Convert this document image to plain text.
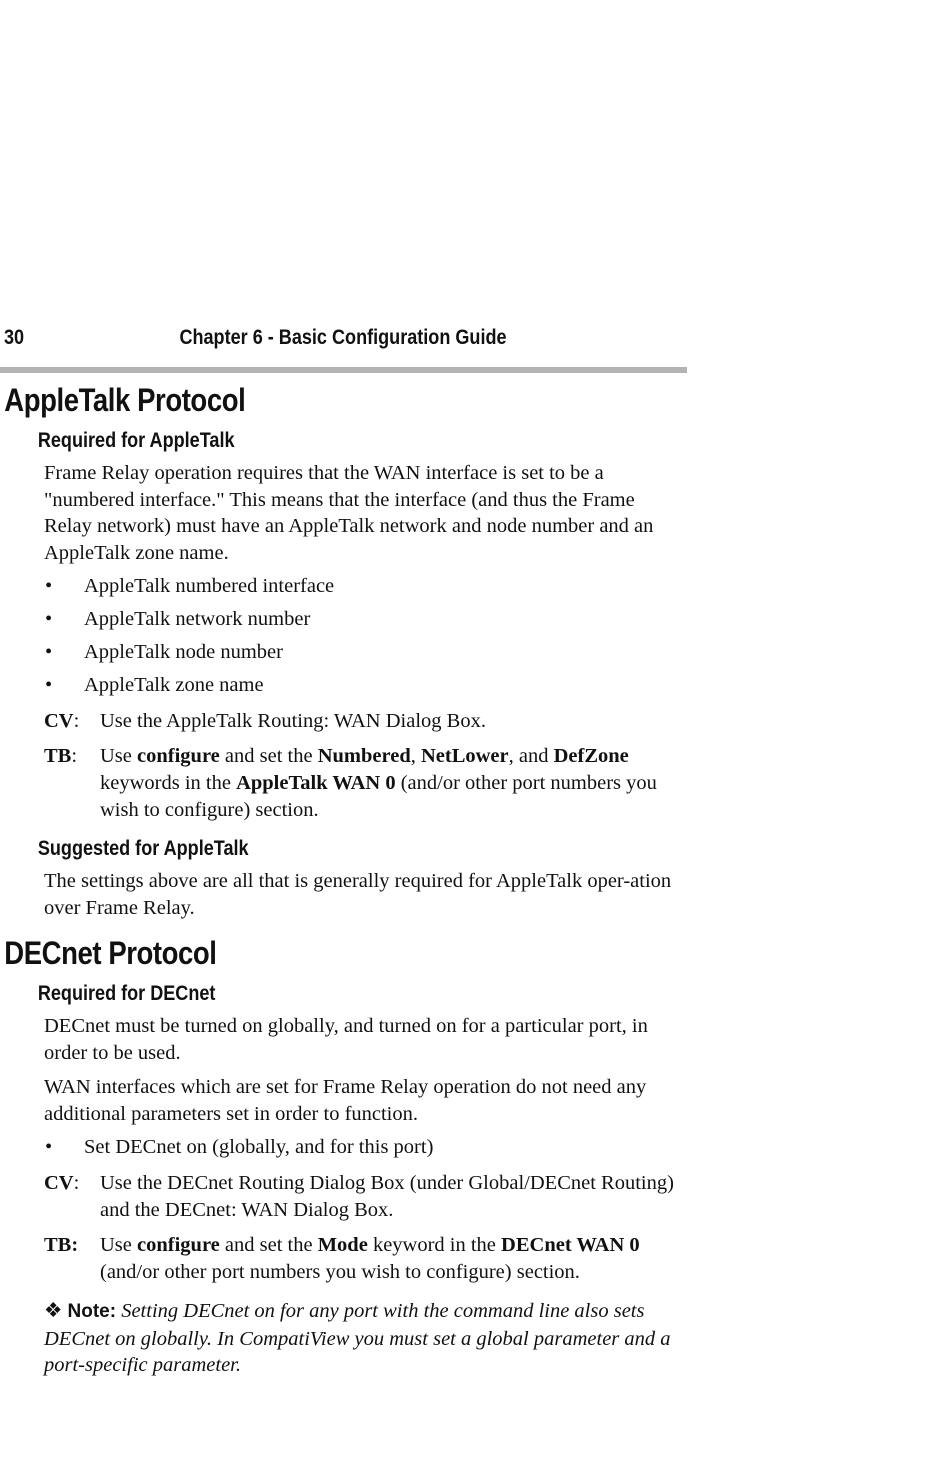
30	Chapter 6 - Basic Configuration Guide
AppleTalk Protocol
Required for AppleTalk

Frame Relay operation requires that the WAN interface is set to be a "numbered interface." This means that the interface (and thus the Frame Relay network) must have an AppleTalk network and node number and an AppleTalk zone name.

• AppleTalk numbered interface
• AppleTalk network number
• AppleTalk node number
• AppleTalk zone name
CV: Use the AppleTalk Routing: WAN Dialog Box.
TB: Use configure and set the Numbered, NetLower, and DefZone keywords in the AppleTalk WAN 0 (and/or other port numbers you wish to configure) section.
Suggested for AppleTalk

The settings above are all that is generally required for AppleTalk oper-ation over Frame Relay.

DECnet Protocol
Required for DECnet

DECnet must be turned on globally, and turned on for a particular port, in order to be used.

WAN interfaces which are set for Frame Relay operation do not need any additional parameters set in order to function.

• Set DECnet on (globally, and for this port)
CV: Use the DECnet Routing Dialog Box (under Global/DECnet Routing) and the DECnet: WAN Dialog Box.
TB: Use configure and set the Mode keyword in the DECnet WAN 0 (and/or other port numbers you wish to configure) section.

❖ Note: Setting DECnet on for any port with the command line also sets DECnet on globally. In CompatiView you must set a global parameter and a port-specific parameter.
